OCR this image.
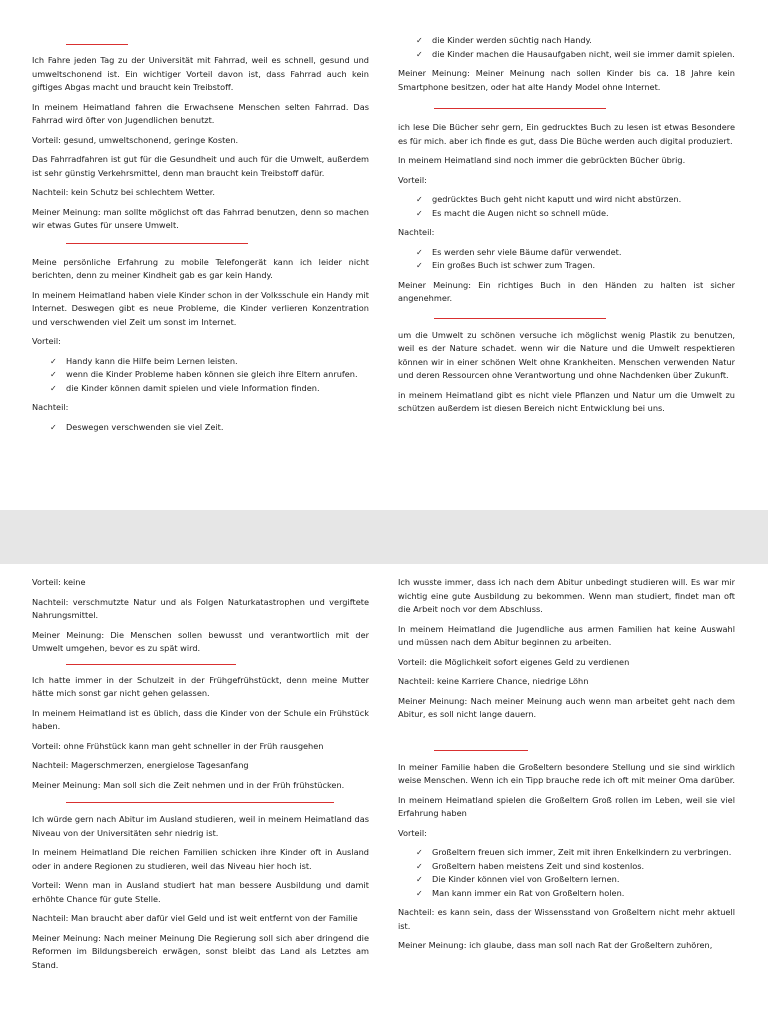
Ich Fahre jeden Tag zu der Universität mit Fahrrad, weil es schnell, gesund und umweltschonend ist. Ein wichtiger Vorteil davon ist, dass Fahrrad auch kein giftiges Abgas macht und braucht kein Treibstoff.

In meinem Heimatland fahren die Erwachsene Menschen selten Fahrrad. Das Fahrrad wird öfter von Jugendlichen benutzt.

Vorteil: gesund, umweltschonend, geringe Kosten.

Das Fahrradfahren ist gut für die Gesundheit und auch für die Umwelt, außerdem ist sehr günstig Verkehrsmittel, denn man braucht kein Treibstoff dafür.

Nachteil: kein Schutz bei schlechtem Wetter.

Meiner Meinung: man sollte möglichst oft das Fahrrad benutzen, denn so machen wir etwas Gutes für unsere Umwelt.

Meine persönliche Erfahrung zu mobile Telefongerät kann ich leider nicht berichten, denn zu meiner Kindheit gab es gar kein Handy.

In meinem Heimatland haben viele Kinder schon in der Volksschule ein Handy mit Internet. Deswegen gibt es neue Probleme, die Kinder verlieren Konzentration und verschwenden viel Zeit um sonst im Internet.

Vorteil:

✓ Handy kann die Hilfe beim Lernen leisten.
✓ wenn die Kinder Probleme haben können sie gleich ihre Eltern anrufen.
✓ die Kinder können damit spielen und viele Information finden.

Nachteil:

✓ Deswegen verschwenden sie viel Zeit.
✓ die Kinder werden süchtig nach Handy.
✓ die Kinder machen die Hausaufgaben nicht, weil sie immer damit spielen.

Meiner Meinung: Meiner Meinung nach sollen Kinder bis ca. 18 Jahre kein Smartphone besitzen, oder hat alte Handy Model ohne Internet.

ich lese Die Bücher sehr gern, Ein gedrucktes Buch zu lesen ist etwas Besondere es für mich. aber ich finde es gut, dass Die Büche werden auch digital produziert.

In meinem Heimatland sind noch immer die gebrückten Bücher übrig.

Vorteil:

✓ gedrücktes Buch geht nicht kaputt und wird nicht abstürzen.
✓ Es macht die Augen nicht so schnell müde.

Nachteil:

✓ Es werden sehr viele Bäume dafür verwendet.
✓ Ein großes Buch ist schwer zum Tragen.

Meiner Meinung: Ein richtiges Buch in den Händen zu halten ist sicher angenehmer.

um die Umwelt zu schönen versuche ich möglichst wenig Plastik zu benutzen, weil es der Nature schadet. wenn wir die Nature und die Umwelt respektieren können wir in einer schönen Welt ohne Krankheiten. Menschen verwenden Natur und deren Ressourcen ohne Verantwortung und ohne Nachdenken über Zukunft.

in meinem Heimatland gibt es nicht viele Pflanzen und Natur um die Umwelt zu schützen außerdem ist diesen Bereich nicht Entwicklung bei uns.

Vorteil: keine

Nachteil: verschmutzte Natur und als Folgen Naturkatastrophen und vergiftete Nahrungsmittel.

Meiner Meinung: Die Menschen sollen bewusst und verantwortlich mit der Umwelt umgehen, bevor es zu spät wird.

Ich hatte immer in der Schulzeit in der Frühgefrühstückt, denn meine Mutter hätte mich sonst gar nicht gehen gelassen.

In meinem Heimatland ist es üblich, dass die Kinder von der Schule ein Frühstück haben.

Vorteil: ohne Frühstück kann man geht schneller in der Früh rausgehen

Nachteil: Magerschmerzen, energielose Tagesanfang

Meiner Meinung: Man soll sich die Zeit nehmen und in der Früh frühstücken.

Ich würde gern nach Abitur im Ausland studieren, weil in meinem Heimatland das Niveau von der Universitäten sehr niedrig ist.

In meinem Heimatland Die reichen Familien schicken ihre Kinder oft in Ausland oder in andere Regionen zu studieren, weil das Niveau hier hoch ist.

Vorteil: Wenn man in Ausland studiert hat man bessere Ausbildung und damit erhöhte Chance für gute Stelle.

Nachteil: Man braucht aber dafür viel Geld und ist weit entfernt von der Familie

Meiner Meinung: Nach meiner Meinung Die Regierung soll sich aber dringend die Reformen im Bildungsbereich erwägen, sonst bleibt das Land als Letztes am Stand.

Ich wusste immer, dass ich nach dem Abitur unbedingt studieren will. Es war mir wichtig eine gute Ausbildung zu bekommen. Wenn man studiert, findet man oft die Arbeit noch vor dem Abschluss.

In meinem Heimatland die Jugendliche aus armen Familien hat keine Auswahl und müssen nach dem Abitur beginnen zu arbeiten.

Vorteil: die Möglichkeit sofort eigenes Geld zu verdienen

Nachteil: keine Karriere Chance, niedrige Löhn

Meiner Meinung: Nach meiner Meinung auch wenn man arbeitet geht nach dem Abitur, es soll nicht lange dauern.

In meiner Familie haben die Großeltern besondere Stellung und sie sind wirklich weise Menschen. Wenn ich ein Tipp brauche rede ich oft mit meiner Oma darüber.

In meinem Heimatland spielen die Großeltern Groß rollen im Leben, weil sie viel Erfahrung haben

Vorteil:

✓ Großeltern freuen sich immer, Zeit mit ihren Enkelkindern zu verbringen.
✓ Großeltern haben meistens Zeit und sind kostenlos.
✓ Die Kinder können viel von Großeltern lernen.
✓ Man kann immer ein Rat von Großeltern holen.

Nachteil: es kann sein, dass der Wissensstand von Großeltern nicht mehr aktuell ist.

Meiner Meinung: ich glaube, dass man soll nach Rat der Großeltern zuhören,
